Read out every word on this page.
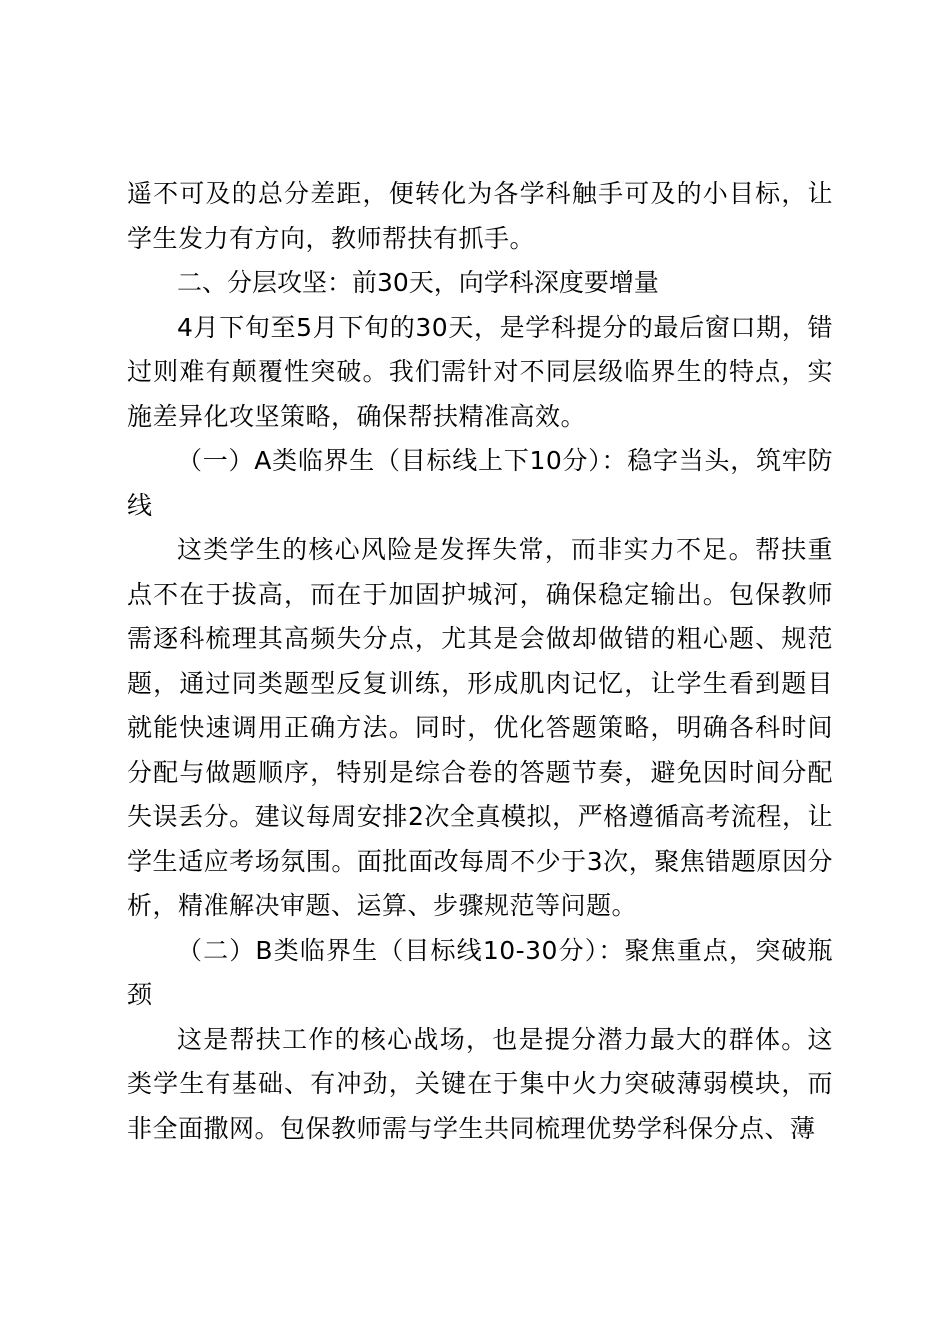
遥不可及的总分差距，便转化为各学科触手可及的小目标，让学生发力有方向，教师帮扶有抓手。

二、分层攻坚：前30天，向学科深度要增量

4月下旬至5月下旬的30天，是学科提分的最后窗口期，错过则难有颠覆性突破。我们需针对不同层级临界生的特点，实施差异化攻坚策略，确保帮扶精准高效。

（一）A类临界生（目标线上下10分）：稳字当头，筑牢防线

这类学生的核心风险是发挥失常，而非实力不足。帮扶重点不在于拔高，而在于加固护城河，确保稳定输出。包保教师需逐科梳理其高频失分点，尤其是会做却做错的粗心题、规范题，通过同类题型反复训练，形成肌肉记忆，让学生看到题目就能快速调用正确方法。同时，优化答题策略，明确各科时间分配与做题顺序，特别是综合卷的答题节奏，避免因时间分配失误丢分。建议每周安排2次全真模拟，严格遵循高考流程，让学生适应考场氛围。面批面改每周不少于3次，聚焦错题原因分析，精准解决审题、运算、步骤规范等问题。

（二）B类临界生（目标线10-30分）：聚焦重点，突破瓶颈

这是帮扶工作的核心战场，也是提分潜力最大的群体。这类学生有基础、有冲劲，关键在于集中火力突破薄弱模块，而非全面撒网。包保教师需与学生共同梳理优势学科保分点、薄
